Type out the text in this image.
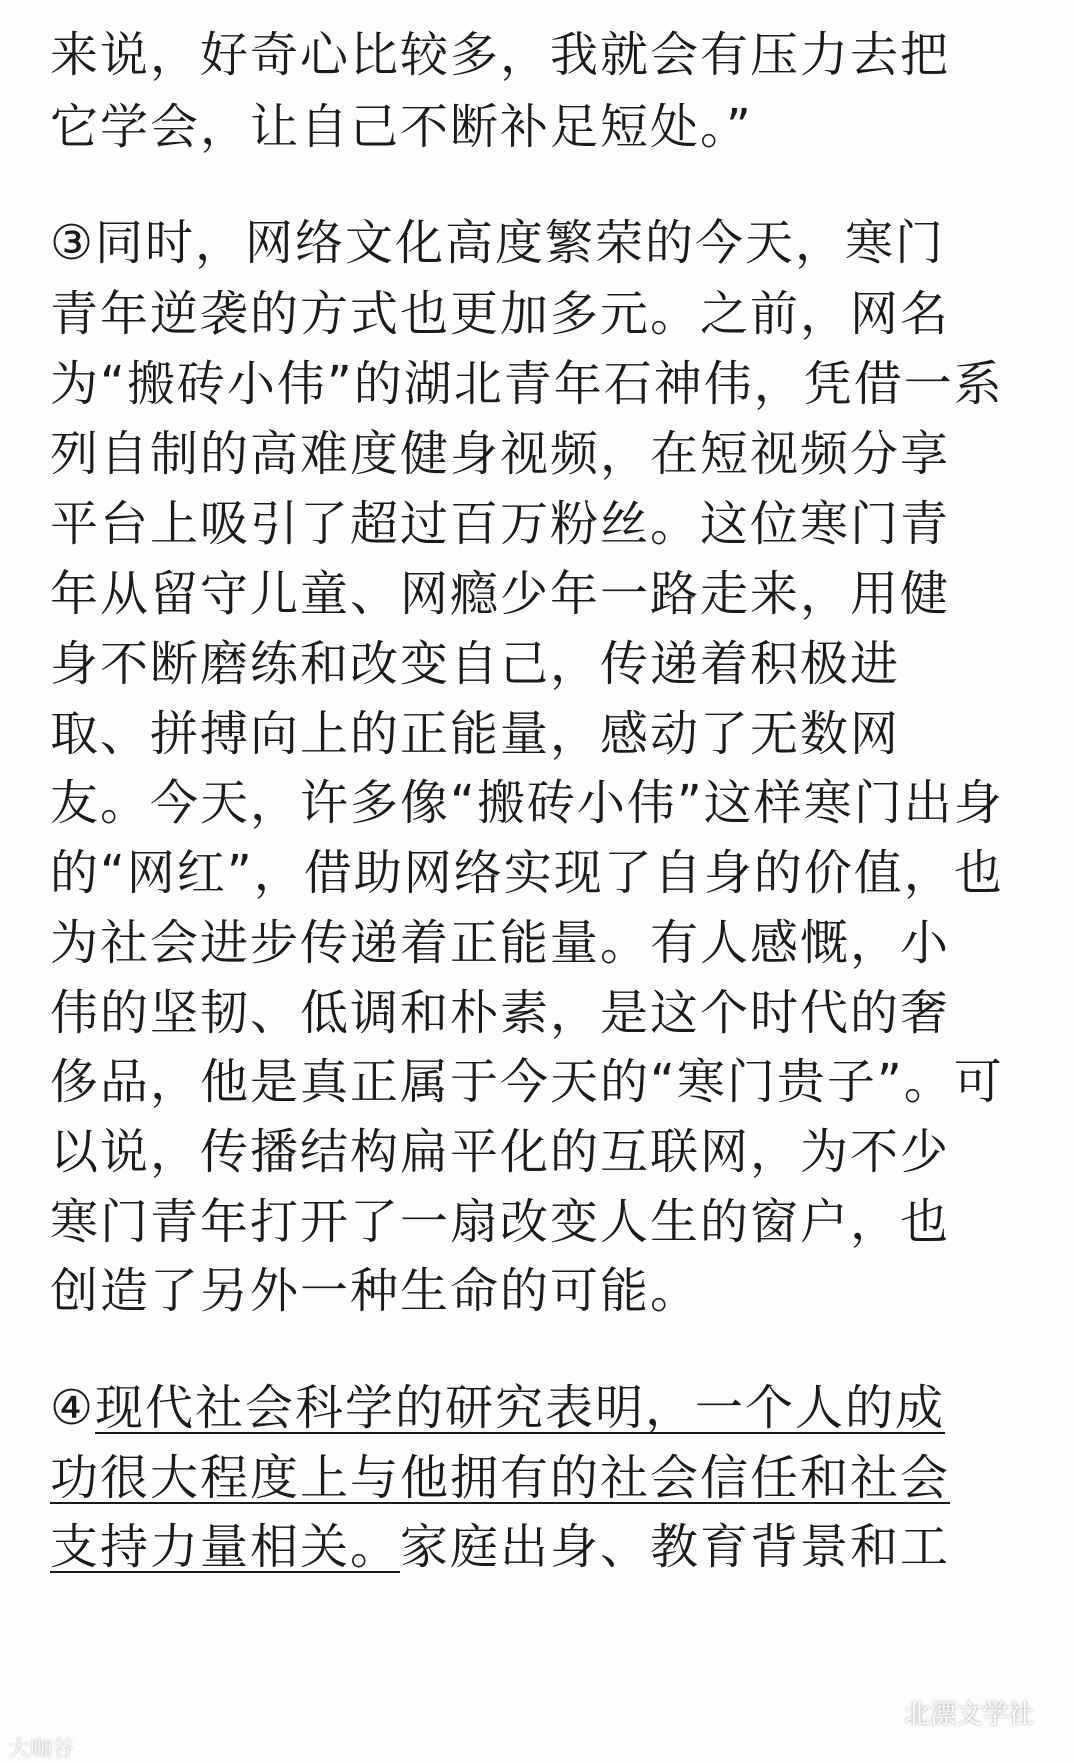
来说，好奇心比较多，我就会有压力去把
它学会，让自己不断补足短处。”
③同时，网络文化高度繁荣的今天，寒门
青年逆袭的方式也更加多元。之前，网名
为“搬砖小伟”的湖北青年石神伟，凭借一系
列自制的高难度健身视频，在短视频分享
平台上吸引了超过百万粉丝。这位寒门青
年从留守儿童、网瘾少年一路走来，用健
身不断磨练和改变自己，传递着积极进
取、拼搏向上的正能量，感动了无数网
友。今天，许多像“搬砖小伟”这样寒门出身
的“网红”，借助网络实现了自身的价值，也
为社会进步传递着正能量。有人感慨，小
伟的坚韧、低调和朴素，是这个时代的奢
侈品，他是真正属于今天的“寒门贵子”。可
以说，传播结构扁平化的互联网，为不少
寒门青年打开了一扇改变人生的窗户，也
创造了另外一种生命的可能。
④现代社会科学的研究表明，一个人的成
功很大程度上与他拥有的社会信任和社会
支持力量相关。家庭出身、教育背景和工
大咖谷
北漂文学社
